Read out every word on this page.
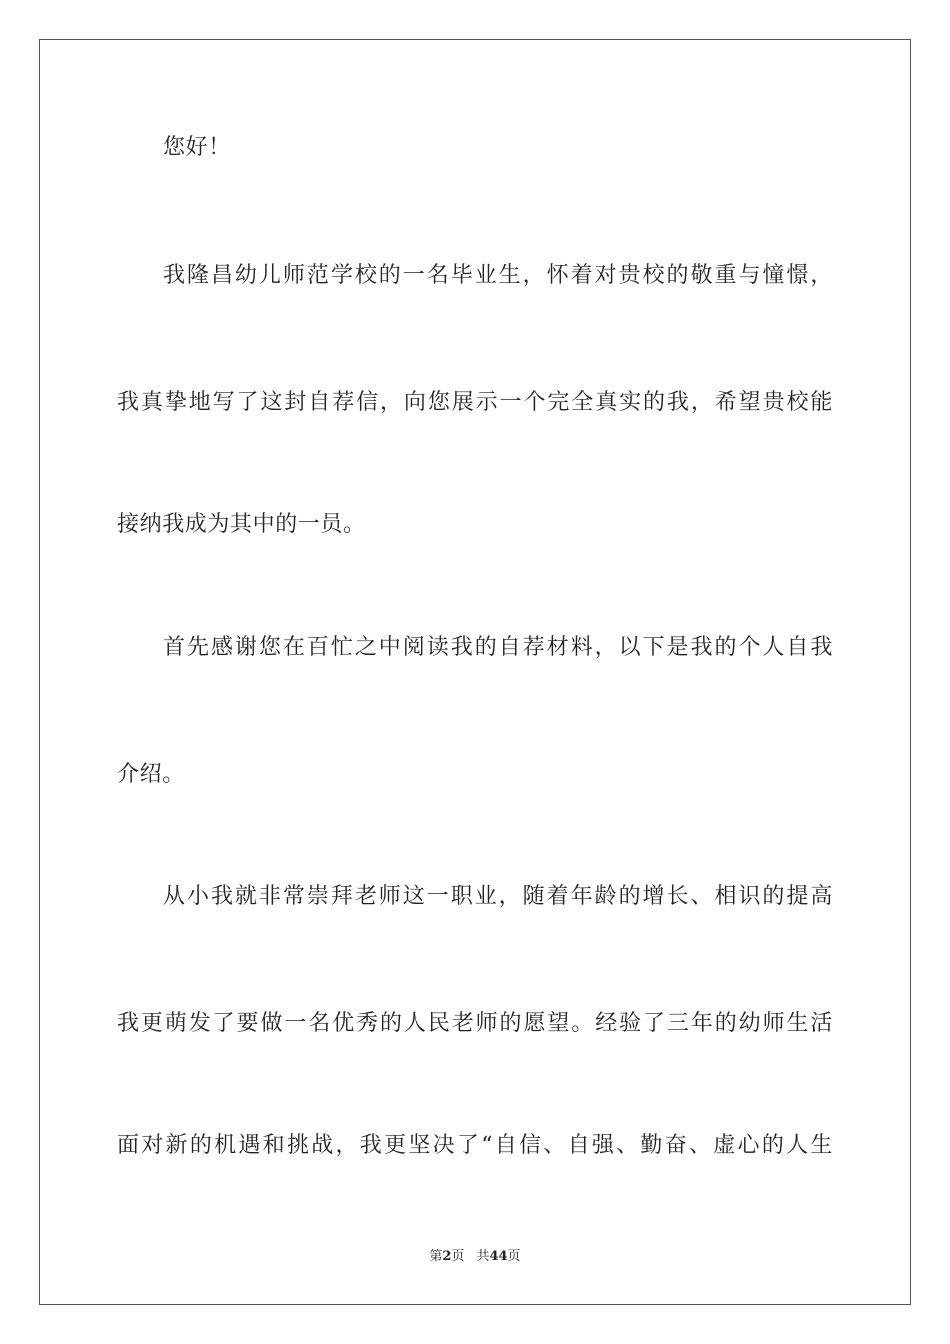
您好！
我隆昌幼儿师范学校的一名毕业生，怀着对贵校的敬重与憧憬，
我真挚地写了这封自荐信，向您展示一个完全真实的我，希望贵校能
接纳我成为其中的一员。
首先感谢您在百忙之中阅读我的自荐材料，以下是我的个人自我
介绍。
从小我就非常崇拜老师这一职业，随着年龄的增长、相识的提高
我更萌发了要做一名优秀的人民老师的愿望。经验了三年的幼师生活
面对新的机遇和挑战，我更坚决了“自信、自强、勤奋、虚心的人生
第2页 共44页
